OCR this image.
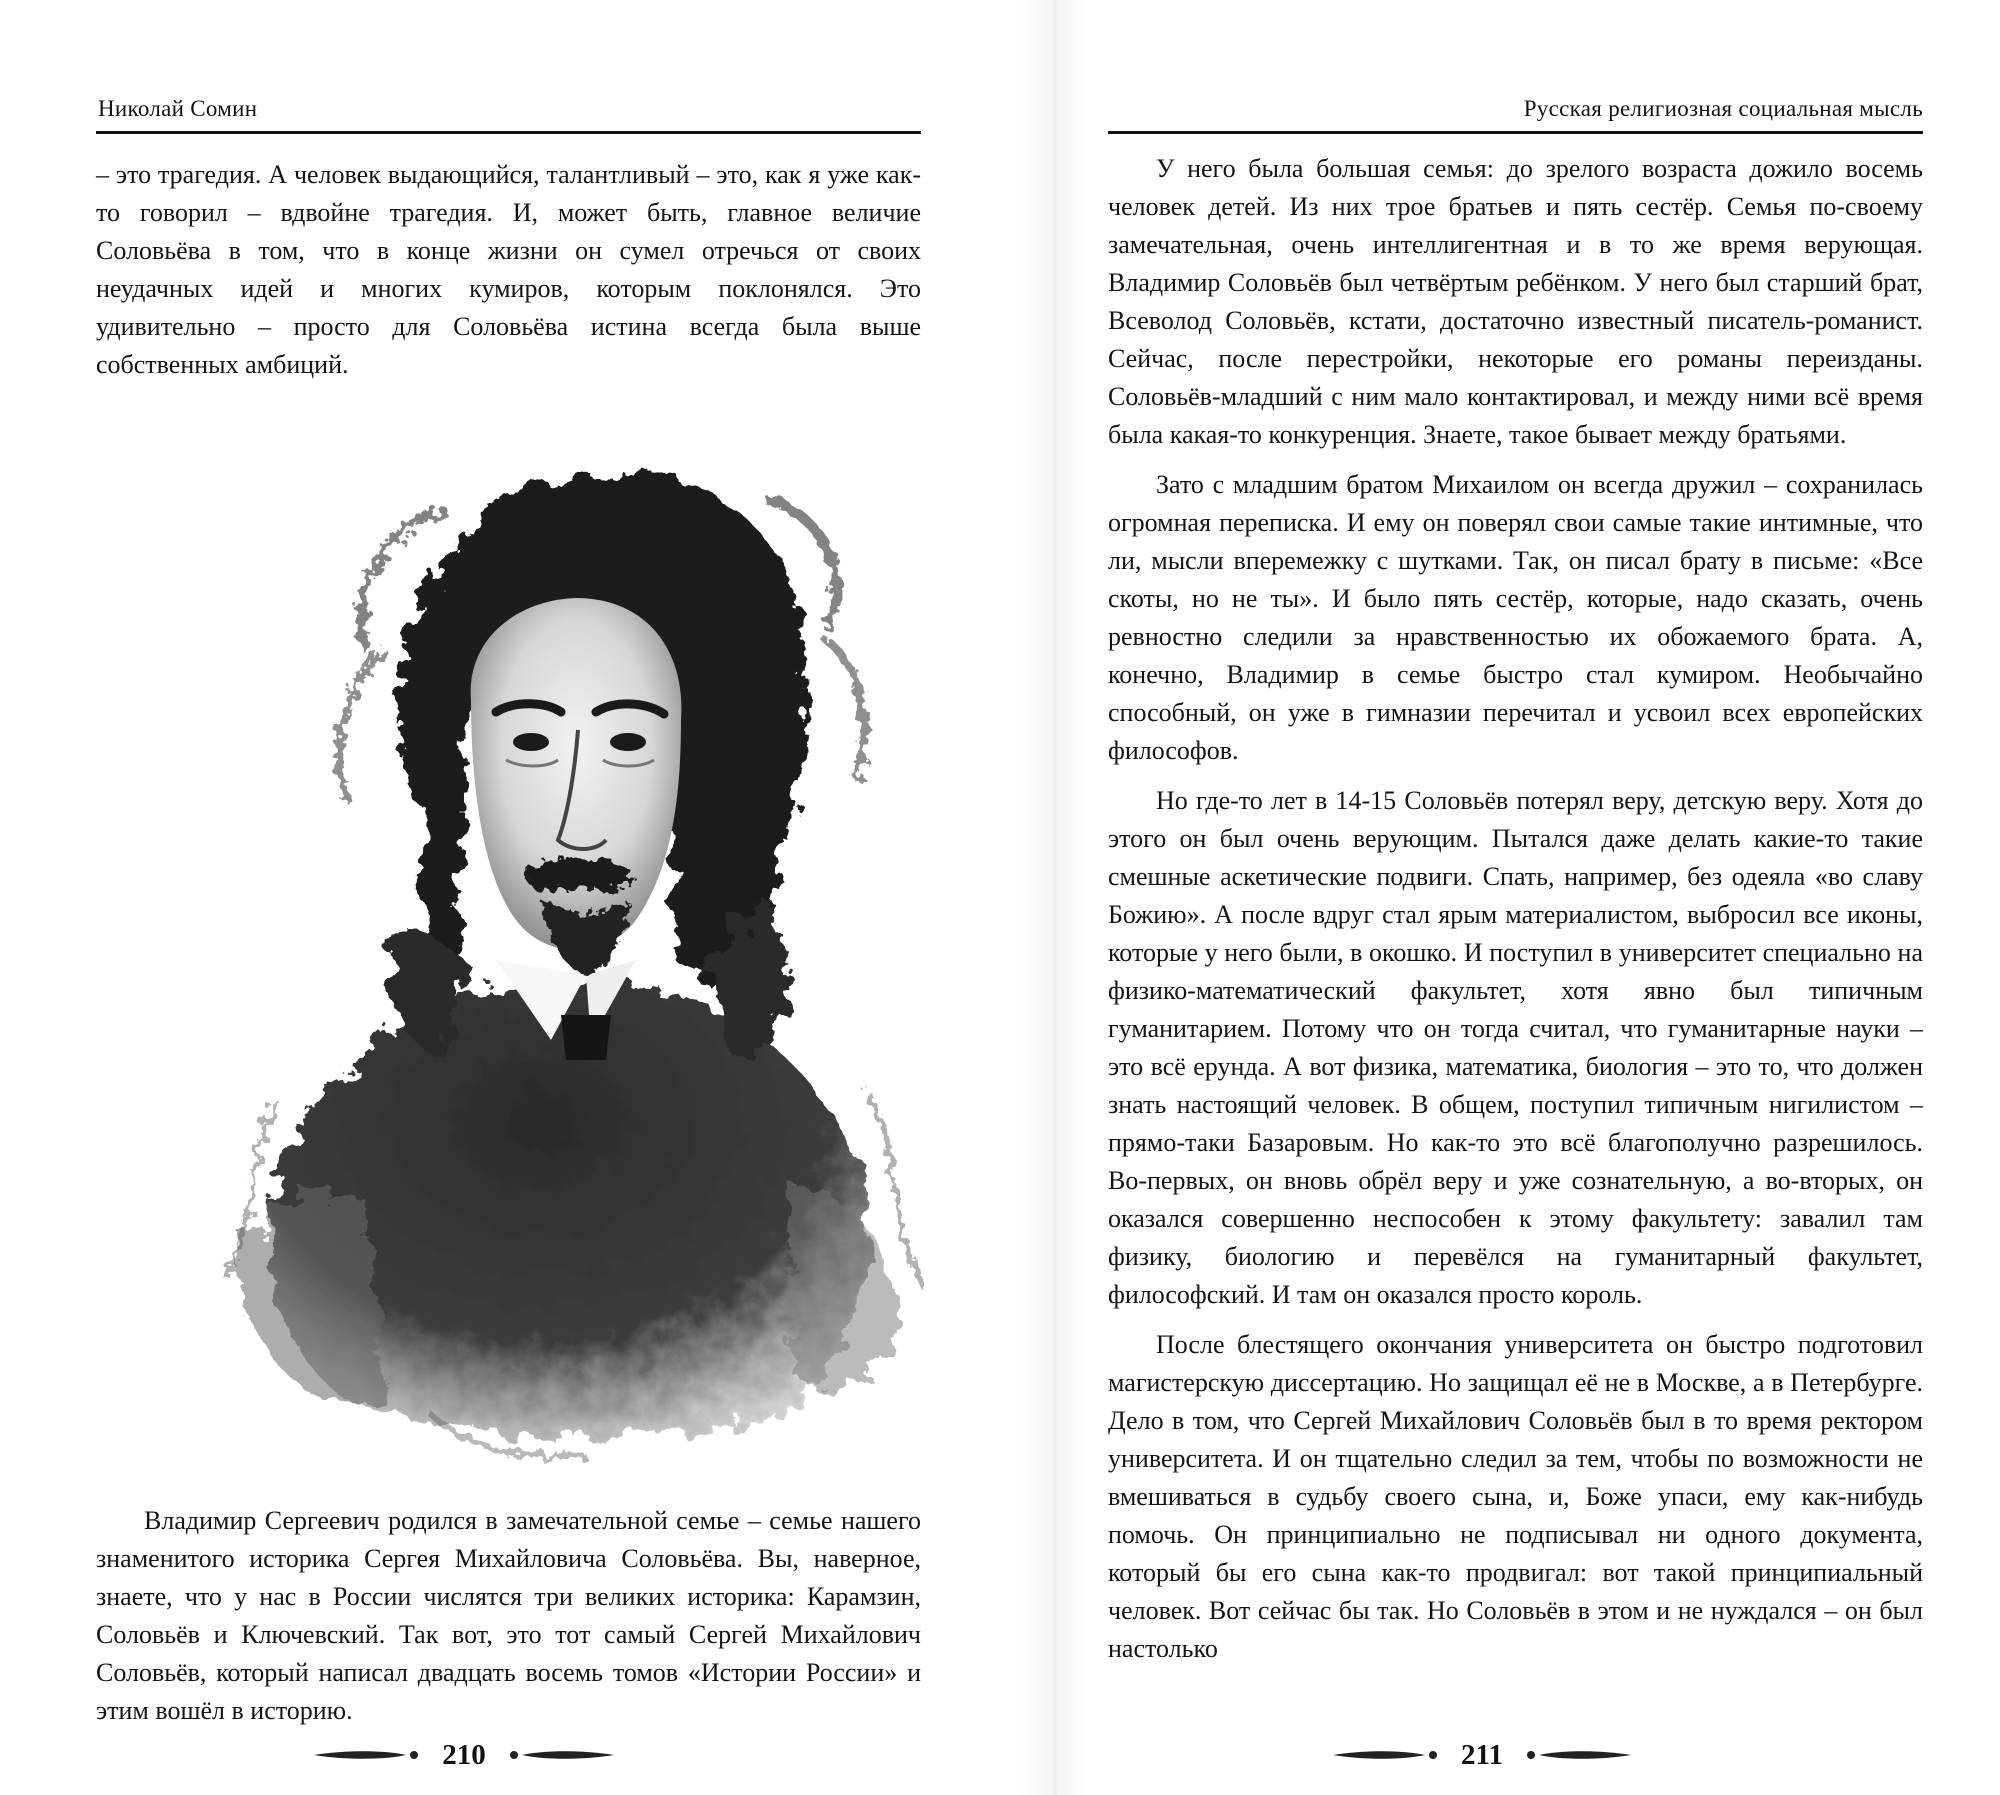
Николай Сомин

– это трагедия. А человек выдающийся, талантливый – это, как я уже как-то говорил – вдвойне трагедия. И, может быть, главное величие Соловьёва в том, что в конце жизни он сумел отречься от своих неудачных идей и многих кумиров, которым поклонялся. Это удивительно – просто для Соловьёва истина всегда была выше собственных амбиций.

Владимир Сергеевич родился в замечательной семье – семье нашего знаменитого историка Сергея Михайловича Соловьёва. Вы, наверное, знаете, что у нас в России числятся три великих историка: Карамзин, Соловьёв и Ключевский. Так вот, это тот самый Сергей Михайлович Соловьёв, который написал двадцать восемь томов «Истории России» и этим вошёл в историю.

210
Русская религиозная социальная мысль

У него была большая семья: до зрелого возраста дожило восемь человек детей. Из них трое братьев и пять сестёр. Семья по-своему замечательная, очень интеллигентная и в то же время верующая. Владимир Соловьёв был четвёртым ребёнком. У него был старший брат, Всеволод Соловьёв, кстати, достаточно известный писатель-романист. Сейчас, после перестройки, некоторые его романы переизданы. Соловьёв-младший с ним мало контактировал, и между ними всё время была какая-то конкуренция. Знаете, такое бывает между братьями.

Зато с младшим братом Михаилом он всегда дружил – сохранилась огромная переписка. И ему он поверял свои самые такие интимные, что ли, мысли вперемежку с шутками. Так, он писал брату в письме: «Все скоты, но не ты». И было пять сестёр, которые, надо сказать, очень ревностно следили за нравственностью их обожаемого брата. А, конечно, Владимир в семье быстро стал кумиром. Необычайно способный, он уже в гимназии перечитал и усвоил всех европейских философов.

Но где-то лет в 14-15 Соловьёв потерял веру, детскую веру. Хотя до этого он был очень верующим. Пытался даже делать какие-то такие смешные аскетические подвиги. Спать, например, без одеяла «во славу Божию». А после вдруг стал ярым материалистом, выбросил все иконы, которые у него были, в окошко. И поступил в университет специально на физико-математический факультет, хотя явно был типичным гуманитарием. Потому что он тогда считал, что гуманитарные науки – это всё ерунда. А вот физика, математика, биология – это то, что должен знать настоящий человек. В общем, поступил типичным нигилистом – прямо-таки Базаровым. Но как-то это всё благополучно разрешилось. Во-первых, он вновь обрёл веру и уже сознательную, а во-вторых, он оказался совершенно неспособен к этому факультету: завалил там физику, биологию и перевёлся на гуманитарный факультет, философский. И там он оказался просто король.

После блестящего окончания университета он быстро подготовил магистерскую диссертацию. Но защищал её не в Москве, а в Петербурге. Дело в том, что Сергей Михайлович Соловьёв был в то время ректором университета. И он тщательно следил за тем, чтобы по возможности не вмешиваться в судьбу своего сына, и, Боже упаси, ему как-нибудь помочь. Он принципиально не подписывал ни одного документа, который бы его сына как-то продвигал: вот такой принципиальный человек. Вот сейчас бы так. Но Соловьёв в этом и не нуждался – он был настолько

211
